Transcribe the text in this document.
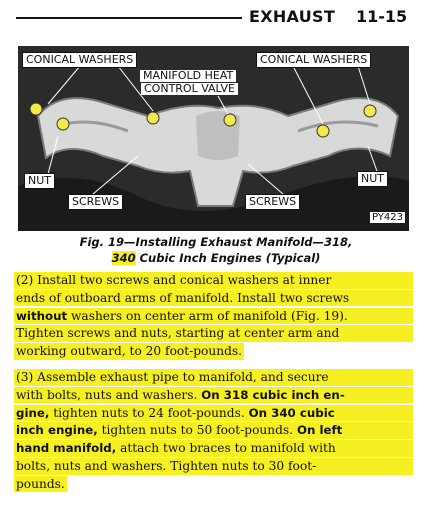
EXHAUST 11-15
CONICAL WASHERS	CONICAL WASHERS
MANIFOLD HEAT
CONTROL VALVE
NUT	NUT
SCREWS	SCREWS
PY423
Fig. 19—Installing Exhaust Manifold—318,
340 Cubic Inch Engines (Typical)
(2) Install two screws and conical washers at inner
ends of outboard arms of manifold. Install two screws
without washers on center arm of manifold (Fig. 19).
Tighten screws and nuts, starting at center arm and
working outward, to 20 foot-pounds.
(3) Assemble exhaust pipe to manifold, and secure
with bolts, nuts and washers. On 318 cubic inch en-
gine, tighten nuts to 24 foot-pounds. On 340 cubic
inch engine, tighten nuts to 50 foot-pounds. On left
hand manifold, attach two braces to manifold with
bolts, nuts and washers. Tighten nuts to 30 foot-
pounds.
